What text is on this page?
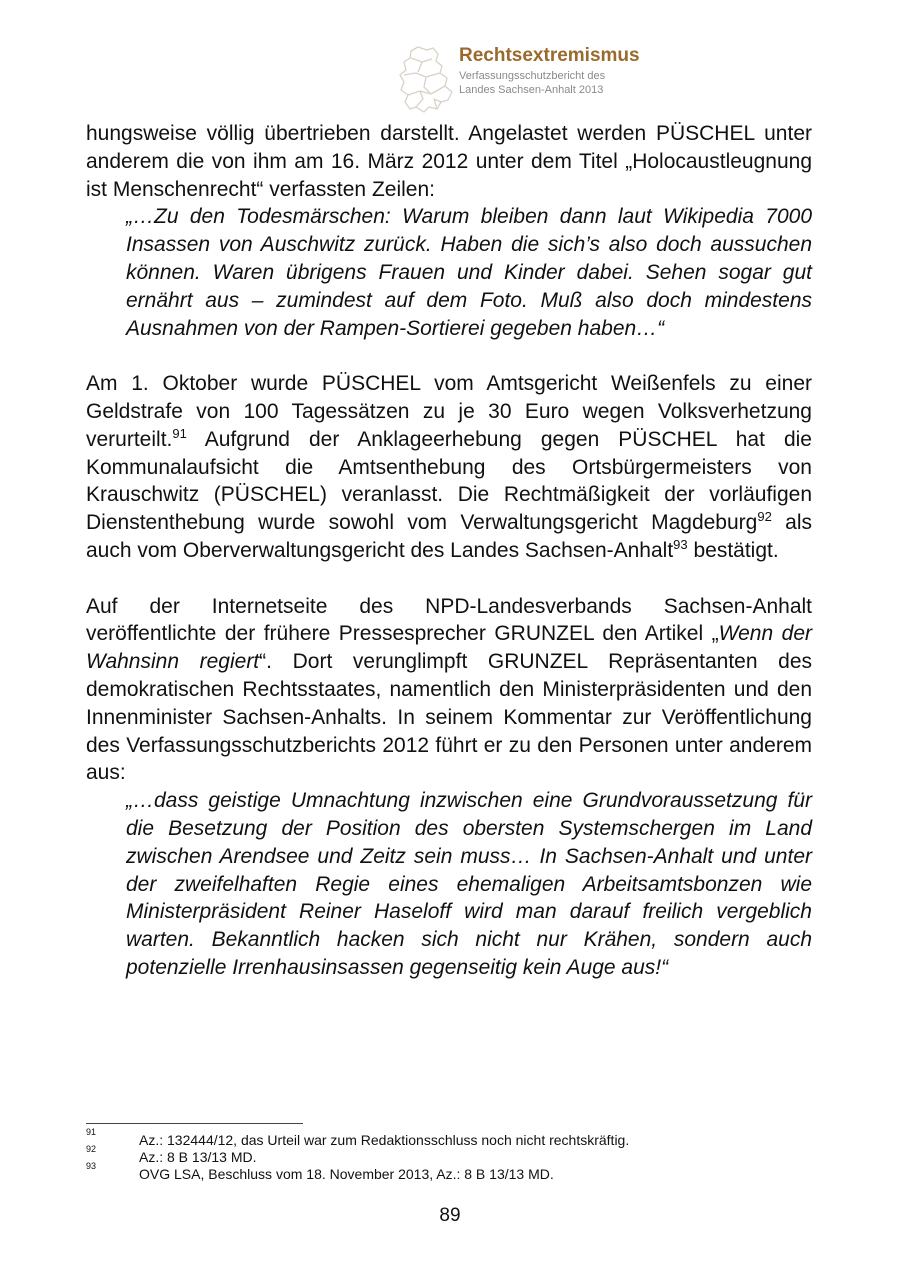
Rechtsextremismus
Verfassungsschutzbericht des
Landes Sachsen-Anhalt 2013

hungsweise völlig übertrieben darstellt. Angelastet werden PÜSCHEL unter anderem die von ihm am 16. März 2012 unter dem Titel „Holocaustleugnung ist Menschenrecht“ verfassten Zeilen:

„…Zu den Todesmärschen: Warum bleiben dann laut Wikipedia 7000 Insassen von Auschwitz zurück. Haben die sich’s also doch aussuchen können. Waren übrigens Frauen und Kinder dabei. Sehen sogar gut ernährt aus – zumindest auf dem Foto. Muß also doch mindestens Ausnahmen von der Rampen-Sortierei gegeben haben…“

Am 1. Oktober wurde PÜSCHEL vom Amtsgericht Weißenfels zu einer Geldstrafe von 100 Tagessätzen zu je 30 Euro wegen Volksverhetzung verurteilt.$^{91}$ Aufgrund der Anklageerhebung gegen PÜSCHEL hat die Kommunalaufsicht die Amtsenthebung des Ortsbürgermeisters von Krauschwitz (PÜSCHEL) veranlasst. Die Rechtmäßigkeit der vorläufigen Dienstenthebung wurde sowohl vom Verwaltungsgericht Magdeburg$^{92}$ als auch vom Oberverwaltungsgericht des Landes Sachsen-Anhalt$^{93}$ bestätigt.

Auf der Internetseite des NPD-Landesverbands Sachsen-Anhalt veröffentlichte der frühere Pressesprecher GRUNZEL den Artikel „Wenn der Wahnsinn regiert“. Dort verunglimpft GRUNZEL Repräsentanten des demokratischen Rechtsstaates, namentlich den Ministerpräsidenten und den Innenminister Sachsen-Anhalts. In seinem Kommentar zur Veröffentlichung des Verfassungsschutzberichts 2012 führt er zu den Personen unter anderem aus:

„…dass geistige Umnachtung inzwischen eine Grundvoraussetzung für die Besetzung der Position des obersten Systemschergen im Land zwischen Arendsee und Zeitz sein muss… In Sachsen-Anhalt und unter der zweifelhaften Regie eines ehemaligen Arbeitsamtsbonzen wie Ministerpräsident Reiner Haseloff wird man darauf freilich vergeblich warten. Bekanntlich hacken sich nicht nur Krähen, sondern auch potenzielle Irrenhausinsassen gegenseitig kein Auge aus!“

91	Az.: 132444/12, das Urteil war zum Redaktionsschluss noch nicht rechtskräftig.
92	Az.: 8 B 13/13 MD.
93	OVG LSA, Beschluss vom 18. November 2013, Az.: 8 B 13/13 MD.
89
